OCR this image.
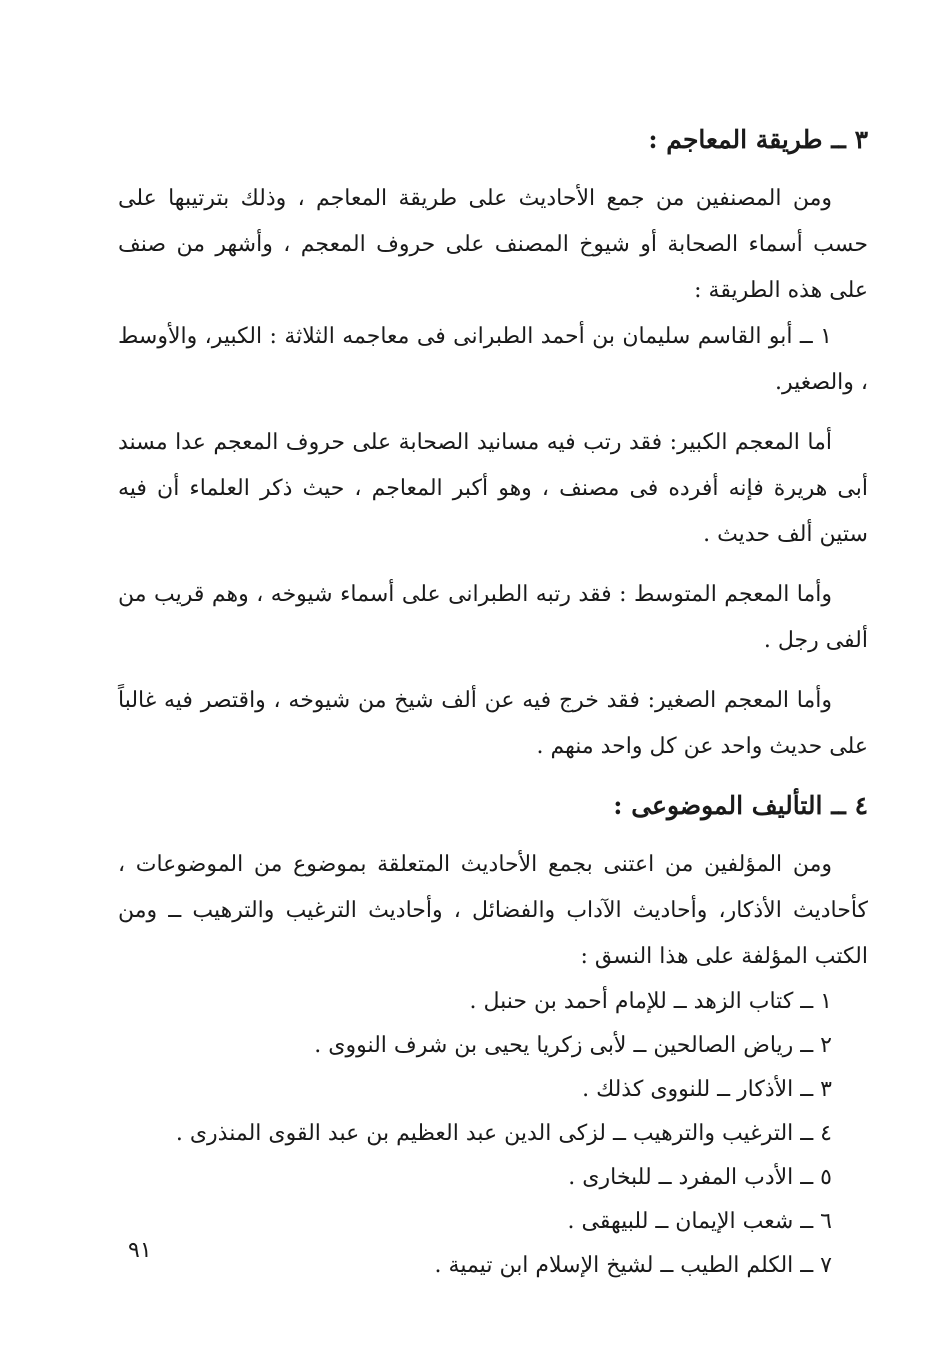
٣ ــ طريقة المعاجم :

ومن المصنفين من جمع الأحاديث على طريقة المعاجم ، وذلك بترتيبها على حسب أسماء الصحابة أو شيوخ المصنف على حروف المعجم ، وأشهر من صنف على هذه الطريقة :

١ ــ أبو القاسم سليمان بن أحمد الطبرانى فى معاجمه الثلاثة : الكبير، والأوسط ، والصغير.

أما المعجم الكبير: فقد رتب فيه مسانيد الصحابة على حروف المعجم عدا مسند أبى هريرة فإنه أفرده فى مصنف ، وهو أكبر المعاجم ، حيث ذكر العلماء أن فيه ستين ألف حديث .

وأما المعجم المتوسط : فقد رتبه الطبرانى على أسماء شيوخه ، وهم قريب من ألفى رجل .

وأما المعجم الصغير: فقد خرج فيه عن ألف شيخ من شيوخه ، واقتصر فيه غالباً على حديث واحد عن كل واحد منهم .

٤ ــ التأليف الموضوعى :

ومن المؤلفين من اعتنى بجمع الأحاديث المتعلقة بموضوع من الموضوعات ، كأحاديث الأذكار، وأحاديث الآداب والفضائل ، وأحاديث الترغيب والترهيب ــ ومن الكتب المؤلفة على هذا النسق :

١ ــ كتاب الزهد ــ للإمام أحمد بن حنبل .
٢ ــ رياض الصالحين ــ لأبى زكريا يحيى بن شرف النووى .
٣ ــ الأذكار ــ للنووى كذلك .
٤ ــ الترغيب والترهيب ــ لزكى الدين عبد العظيم بن عبد القوى المنذرى .
٥ ــ الأدب المفرد ــ للبخارى .
٦ ــ شعب الإيمان ــ للبيهقى .
٧ ــ الكلم الطيب ــ لشيخ الإسلام ابن تيمية .
٩١
